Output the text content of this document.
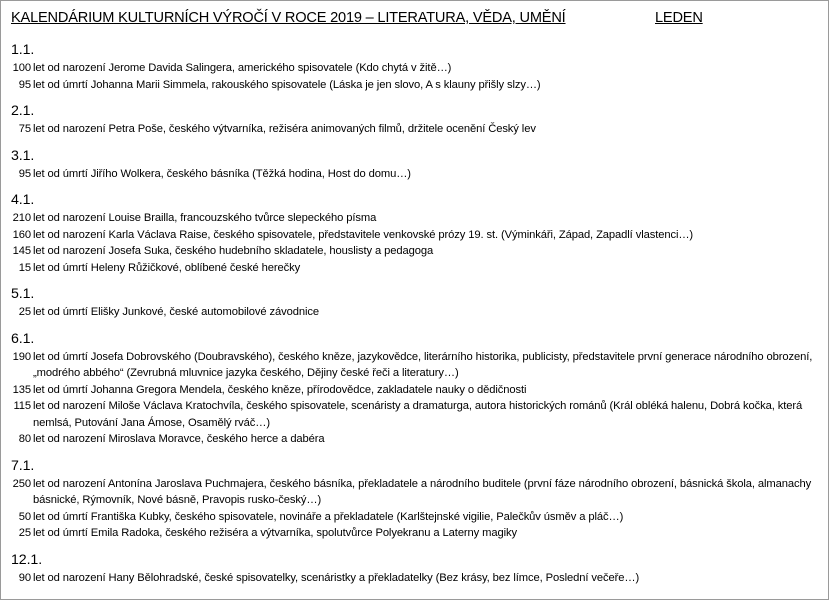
KALENDÁRIUM KULTURNÍCH VÝROČÍ V ROCE 2019 – LITERATURA, VĚDA, UMĚNÍ	LEDEN
1.1.
100 let od narození Jerome Davida Salingera, amerického spisovatele (Kdo chytá v žitě…)
95 let od úmrtí Johanna Marii Simmela, rakouského spisovatele (Láska je jen slovo, A s klauny přišly slzy…)
2.1.
75 let od narození Petra Poše, českého výtvarníka, režiséra animovaných filmů, držitele ocenění Český lev
3.1.
95 let od úmrtí Jiřího Wolkera, českého básníka (Těžká hodina, Host do domu…)
4.1.
210 let od narození Louise Brailla, francouzského tvůrce slepeckého písma
160 let od narození Karla Václava Raise, českého spisovatele, představitele venkovské prózy 19. st. (Výminkáři, Západ, Zapadlí vlastenci…)
145 let od narození Josefa Suka, českého hudebního skladatele, houslisty a pedagoga
15 let od úmrtí Heleny Růžičkové, oblíbené české herečky
5.1.
25 let od úmrtí Elišky Junkové, české automobilové závodnice
6.1.
190 let od úmrtí Josefa Dobrovského (Doubravského), českého kněze, jazykovědce, literárního historika, publicisty, představitele první generace národního obrození, „modrého abbého“ (Zevrubná mluvnice jazyka českého, Dějiny české řeči a literatury…)
135 let od úmrtí Johanna Gregora Mendela, českého kněze, přírodovědce, zakladatele nauky o dědičnosti
115 let od narození Miloše Václava Kratochvíla, českého spisovatele, scenáristy a dramaturga, autora historických románů (Král obléká halenu, Dobrá kočka, která nemlsá, Putování Jana Ámose, Osamělý rváč…)
80 let od narození Miroslava Moravce, českého herce a dabéra
7.1.
250 let od narození Antonína Jaroslava Puchmajera, českého básníka, překladatele a národního buditele (první fáze národního obrození, básnická škola, almanachy básnické, Rýmovník, Nové básně, Pravopis rusko-český…)
50 let od úmrtí Františka Kubky, českého spisovatele, novináře a překladatele (Karlštejnské vigilie, Palečkův úsměv a pláč…)
25 let od úmrtí Emila Radoka, českého režiséra a výtvarníka, spolutvůrce Polyekranu a Laterny magiky
12.1.
90 let od narození Hany Bělohradské, české spisovatelky, scenáristky a překladatelky (Bez krásy, bez límce, Poslední večeře…)
